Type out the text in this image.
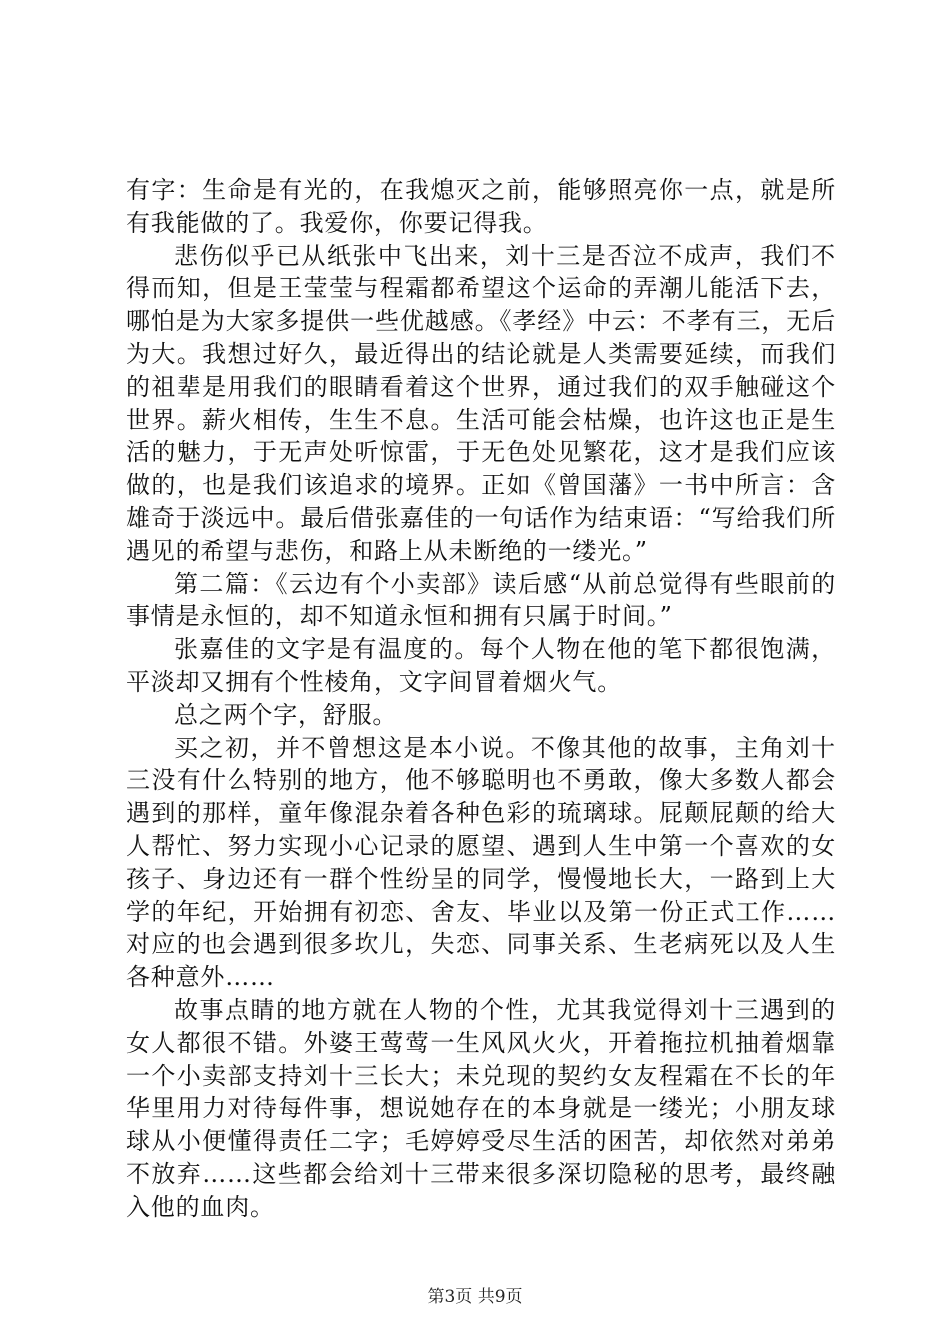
有字：生命是有光的，在我熄灭之前，能够照亮你一点，就是所有我能做的了。我爱你，你要记得我。

悲伤似乎已从纸张中飞出来，刘十三是否泣不成声，我们不得而知，但是王莹莹与程霜都希望这个运命的弄潮儿能活下去，哪怕是为大家多提供一些优越感。《孝经》中云：不孝有三，无后为大。我想过好久，最近得出的结论就是人类需要延续，而我们的祖辈是用我们的眼睛看着这个世界，通过我们的双手触碰这个世界。薪火相传，生生不息。生活可能会枯燥，也许这也正是生活的魅力，于无声处听惊雷，于无色处见繁花，这才是我们应该做的，也是我们该追求的境界。正如《曾国藩》一书中所言：含雄奇于淡远中。最后借张嘉佳的一句话作为结束语：“写给我们所遇见的希望与悲伤，和路上从未断绝的一缕光。”

第二篇：《云边有个小卖部》读后感“从前总觉得有些眼前的事情是永恒的，却不知道永恒和拥有只属于时间。”

张嘉佳的文字是有温度的。每个人物在他的笔下都很饱满，平淡却又拥有个性棱角，文字间冒着烟火气。

总之两个字，舒服。

买之初，并不曾想这是本小说。不像其他的故事，主角刘十三没有什么特别的地方，他不够聪明也不勇敢，像大多数人都会遇到的那样，童年像混杂着各种色彩的琉璃球。屁颠屁颠的给大人帮忙、努力实现小心记录的愿望、遇到人生中第一个喜欢的女孩子、身边还有一群个性纷呈的同学，慢慢地长大，一路到上大学的年纪，开始拥有初恋、舍友、毕业以及第一份正式工作……对应的也会遇到很多坎儿，失恋、同事关系、生老病死以及人生各种意外……

故事点睛的地方就在人物的个性，尤其我觉得刘十三遇到的女人都很不错。外婆王莺莺一生风风火火，开着拖拉机抽着烟靠一个小卖部支持刘十三长大；未兑现的契约女友程霜在不长的年华里用力对待每件事，想说她存在的本身就是一缕光；小朋友球球从小便懂得责任二字；毛婷婷受尽生活的困苦，却依然对弟弟不放弃……这些都会给刘十三带来很多深切隐秘的思考，最终融入他的血肉。

第3页 共9页
